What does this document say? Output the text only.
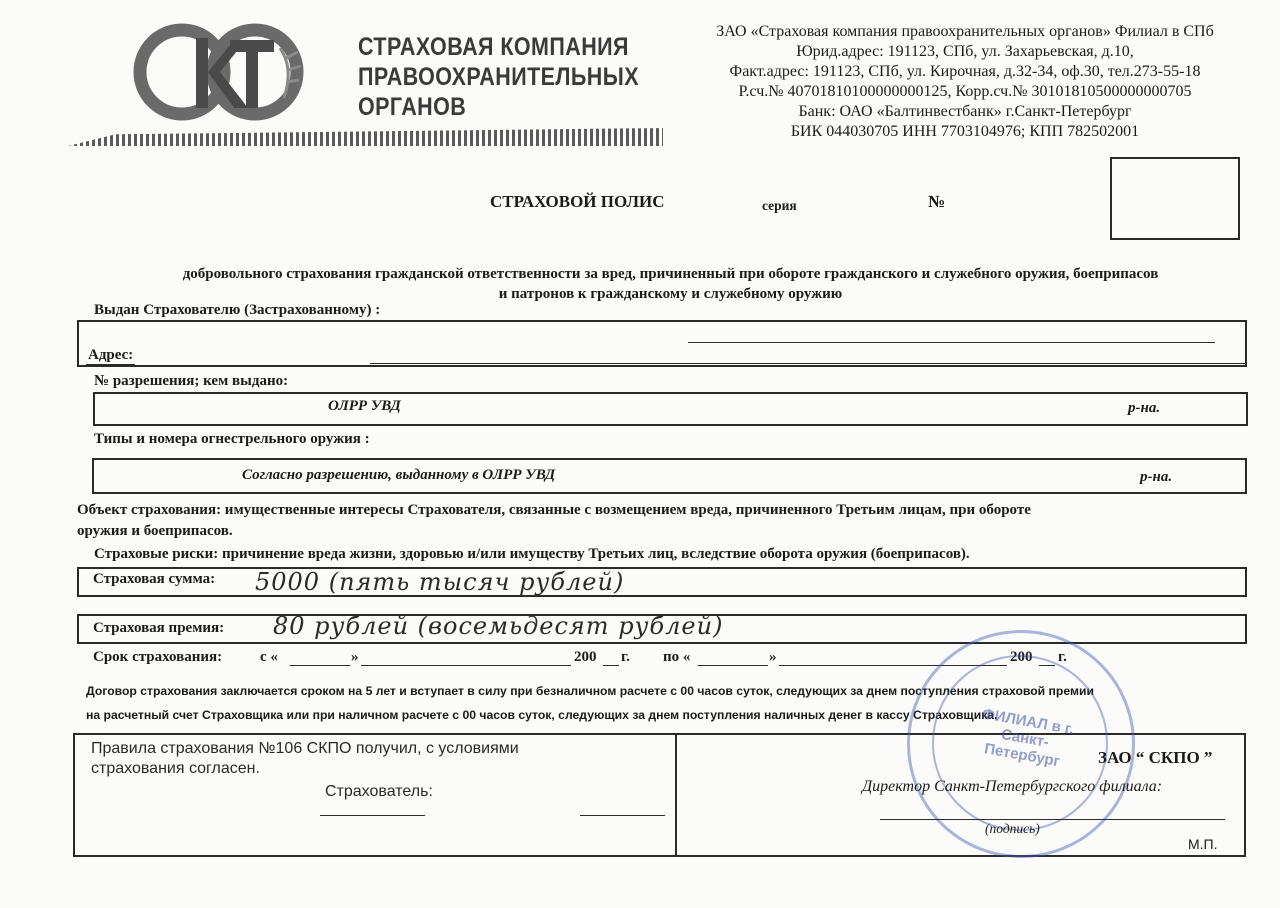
СТРАХОВАЯ КОМПАНИЯ
ПРАВООХРАНИТЕЛЬНЫХ
ОРГАНОВ
ЗАО «Страховая компания правоохранительных органов» Филиал в СПб
Юрид.адрес: 191123, СПб, ул. Захарьевская, д.10,
Факт.адрес: 191123, СПб, ул. Кирочная, д.32-34, оф.30, тел.273-55-18
Р.сч.№ 40701810100000000125, Корр.сч.№ 30101810500000000705
Банк: ОАО «Балтинвестбанк» г.Санкт-Петербург
БИК 044030705 ИНН 7703104976; КПП 782502001
СТРАХОВОЙ ПОЛИС	серия	№
добровольного страхования гражданской ответственности за вред, причиненный при обороте гражданского и служебного оружия, боеприпасов
и патронов к гражданскому и служебному оружию
Выдан Страхователю (Застрахованному) :
Адрес:
№ разрешения; кем выдано:
ОЛРР УВД	р-на.
Типы и номера огнестрельного оружия :
Согласно разрешению, выданному в ОЛРР УВД	р-на.
Объект страхования: имущественные интересы Страхователя, связанные с возмещением вреда, причиненного Третьим лицам, при обороте
оружия и боеприпасов.
Страховые риски: причинение вреда жизни, здоровью и/или имуществу Третьих лиц, вследствие оборота оружия (боеприпасов).
Страховая сумма: 5000 (пять тысяч рублей)
Страховая премия: 80 рублей (восемьдесят рублей)
Срок страхования:	с «	»	200 г. по «	»	200 г.
Договор страхования заключается сроком на 5 лет и вступает в силу при безналичном расчете с 00 часов суток, следующих за днем поступления страховой премии
на расчетный счет Страховщика или при наличном расчете с 00 часов суток, следующих за днем поступления наличных денег в кассу Страховщика.
Правила страхования №106 СКПО получил, с условиями
страхования согласен.
Страхователь:
ФИЛИАЛ в г. Санкт-Петербург	ЗАО “ СКПО ”
Директор Санкт-Петербургского филиала:
(подпись)
М.П.
